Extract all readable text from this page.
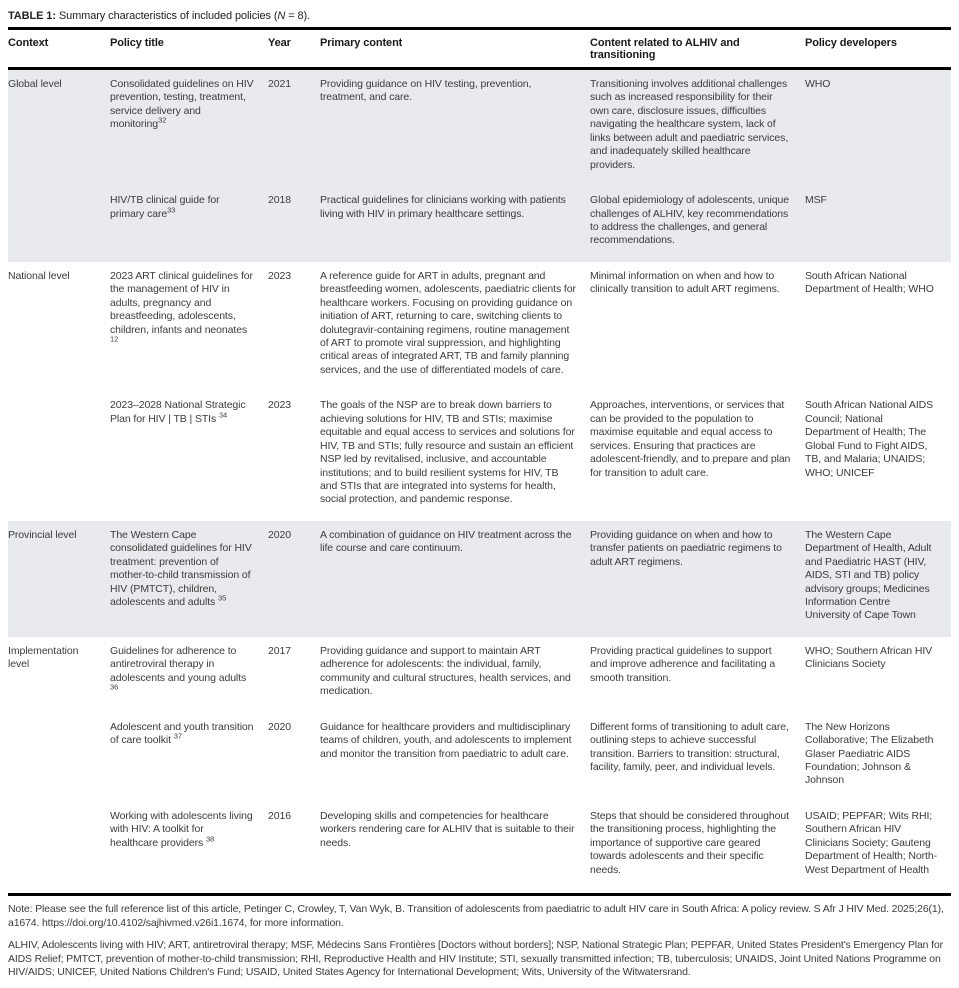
TABLE 1: Summary characteristics of included policies (N = 8).
Context	Policy title	Year	Primary content	Content related to ALHIV and transitioning	Policy developers
Global level	Consolidated guidelines on HIV prevention, testing, treatment, service delivery and monitoring$^{32}$	2021	Providing guidance on HIV testing, prevention, treatment, and care.	Transitioning involves additional challenges such as increased responsibility for their own care, disclosure issues, difficulties navigating the healthcare system, lack of links between adult and paediatric services, and inadequately skilled healthcare providers.	WHO
	HIV/TB clinical guide for primary care$^{33}$	2018	Practical guidelines for clinicians working with patients living with HIV in primary healthcare settings.	Global epidemiology of adolescents, unique challenges of ALHIV, key recommendations to address the challenges, and general recommendations.	MSF
National level	2023 ART clinical guidelines for the management of HIV in adults, pregnancy and breastfeeding, adolescents, children, infants and neonates $^{12}$	2023	A reference guide for ART in adults, pregnant and breastfeeding women, adolescents, paediatric clients for healthcare workers. Focusing on providing guidance on initiation of ART, returning to care, switching clients to dolutegravir-containing regimens, routine management of ART to promote viral suppression, and highlighting critical areas of integrated ART, TB and family planning services, and the use of differentiated models of care.	Minimal information on when and how to clinically transition to adult ART regimens.	South African National Department of Health; WHO
	2023–2028 National Strategic Plan for HIV | TB | STIs $^{34}$	2023	The goals of the NSP are to break down barriers to achieving solutions for HIV, TB and STIs; maximise equitable and equal access to services and solutions for HIV, TB and STIs; fully resource and sustain an efficient NSP led by revitalised, inclusive, and accountable institutions; and to build resilient systems for HIV, TB and STIs that are integrated into systems for health, social protection, and pandemic response.	Approaches, interventions, or services that can be provided to the population to maximise equitable and equal access to services. Ensuring that practices are adolescent-friendly, and to prepare and plan for transition to adult care.	South African National AIDS Council; National Department of Health; The Global Fund to Fight AIDS, TB, and Malaria; UNAIDS; WHO; UNICEF
Provincial level	The Western Cape consolidated guidelines for HIV treatment: prevention of mother-to-child transmission of HIV (PMTCT), children, adolescents and adults $^{35}$	2020	A combination of guidance on HIV treatment across the life course and care continuum.	Providing guidance on when and how to transfer patients on paediatric regimens to adult ART regimens.	The Western Cape Department of Health, Adult and Paediatric HAST (HIV, AIDS, STI and TB) policy advisory groups; Medicines Information Centre University of Cape Town
Implementation level	Guidelines for adherence to antiretroviral therapy in adolescents and young adults $^{36}$	2017	Providing guidance and support to maintain ART adherence for adolescents: the individual, family, community and cultural structures, health services, and medication.	Providing practical guidelines to support and improve adherence and facilitating a smooth transition.	WHO; Southern African HIV Clinicians Society
	Adolescent and youth transition of care toolkit $^{37}$	2020	Guidance for healthcare providers and multidisciplinary teams of children, youth, and adolescents to implement and monitor the transition from paediatric to adult care.	Different forms of transitioning to adult care, outlining steps to achieve successful transition. Barriers to transition: structural, facility, family, peer, and individual levels.	The New Horizons Collaborative; The Elizabeth Glaser Paediatric AIDS Foundation; Johnson & Johnson
	Working with adolescents living with HIV: A toolkit for healthcare providers $^{38}$	2016	Developing skills and competencies for healthcare workers rendering care for ALHIV that is suitable to their needs.	Steps that should be considered throughout the transitioning process, highlighting the importance of supportive care geared towards adolescents and their specific needs.	USAID; PEPFAR; Wits RHI; Southern African HIV Clinicians Society; Gauteng Department of Health; North-West Department of Health

Note: Please see the full reference list of this article, Petinger C, Crowley, T, Van Wyk, B. Transition of adolescents from paediatric to adult HIV care in South Africa: A policy review. S Afr J HIV Med. 2025;26(1), a1674. https://doi.org/10.4102/sajhivmed.v26i1.1674, for more information.

ALHIV, Adolescents living with HIV; ART, antiretroviral therapy; MSF, Médecins Sans Frontières [Doctors without borders]; NSP, National Strategic Plan; PEPFAR, United States President's Emergency Plan for AIDS Relief; PMTCT, prevention of mother-to-child transmission; RHI, Reproductive Health and HIV Institute; STI, sexually transmitted infection; TB, tuberculosis; UNAIDS, Joint United Nations Programme on HIV/AIDS; UNICEF, United Nations Children's Fund; USAID, United States Agency for International Development; Wits, University of the Witwatersrand.
